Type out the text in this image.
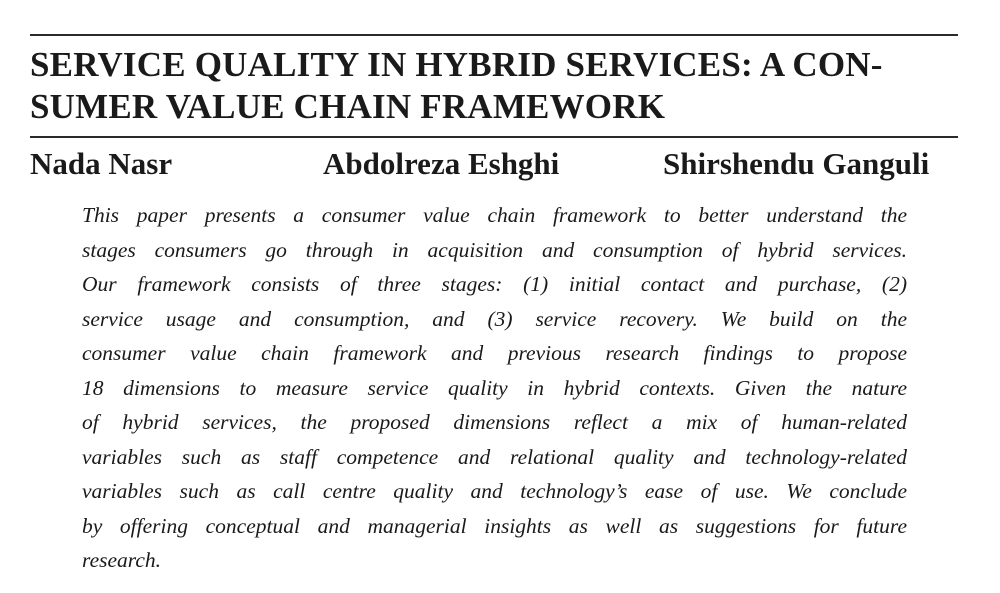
SERVICE QUALITY IN HYBRID SERVICES: A CON-
SUMER VALUE CHAIN FRAMEWORK
Nada Nasr	Abdolreza Eshghi	Shirshendu Ganguli
This paper presents a consumer value chain framework to better understand the
stages consumers go through in acquisition and consumption of hybrid services.
Our framework consists of three stages: (1) initial contact and purchase, (2)
service usage and consumption, and (3) service recovery. We build on the
consumer value chain framework and previous research findings to propose
18 dimensions to measure service quality in hybrid contexts. Given the nature
of hybrid services, the proposed dimensions reflect a mix of human-related
variables such as staff competence and relational quality and technology-related
variables such as call centre quality and technology’s ease of use. We conclude
by offering conceptual and managerial insights as well as suggestions for future
research.
